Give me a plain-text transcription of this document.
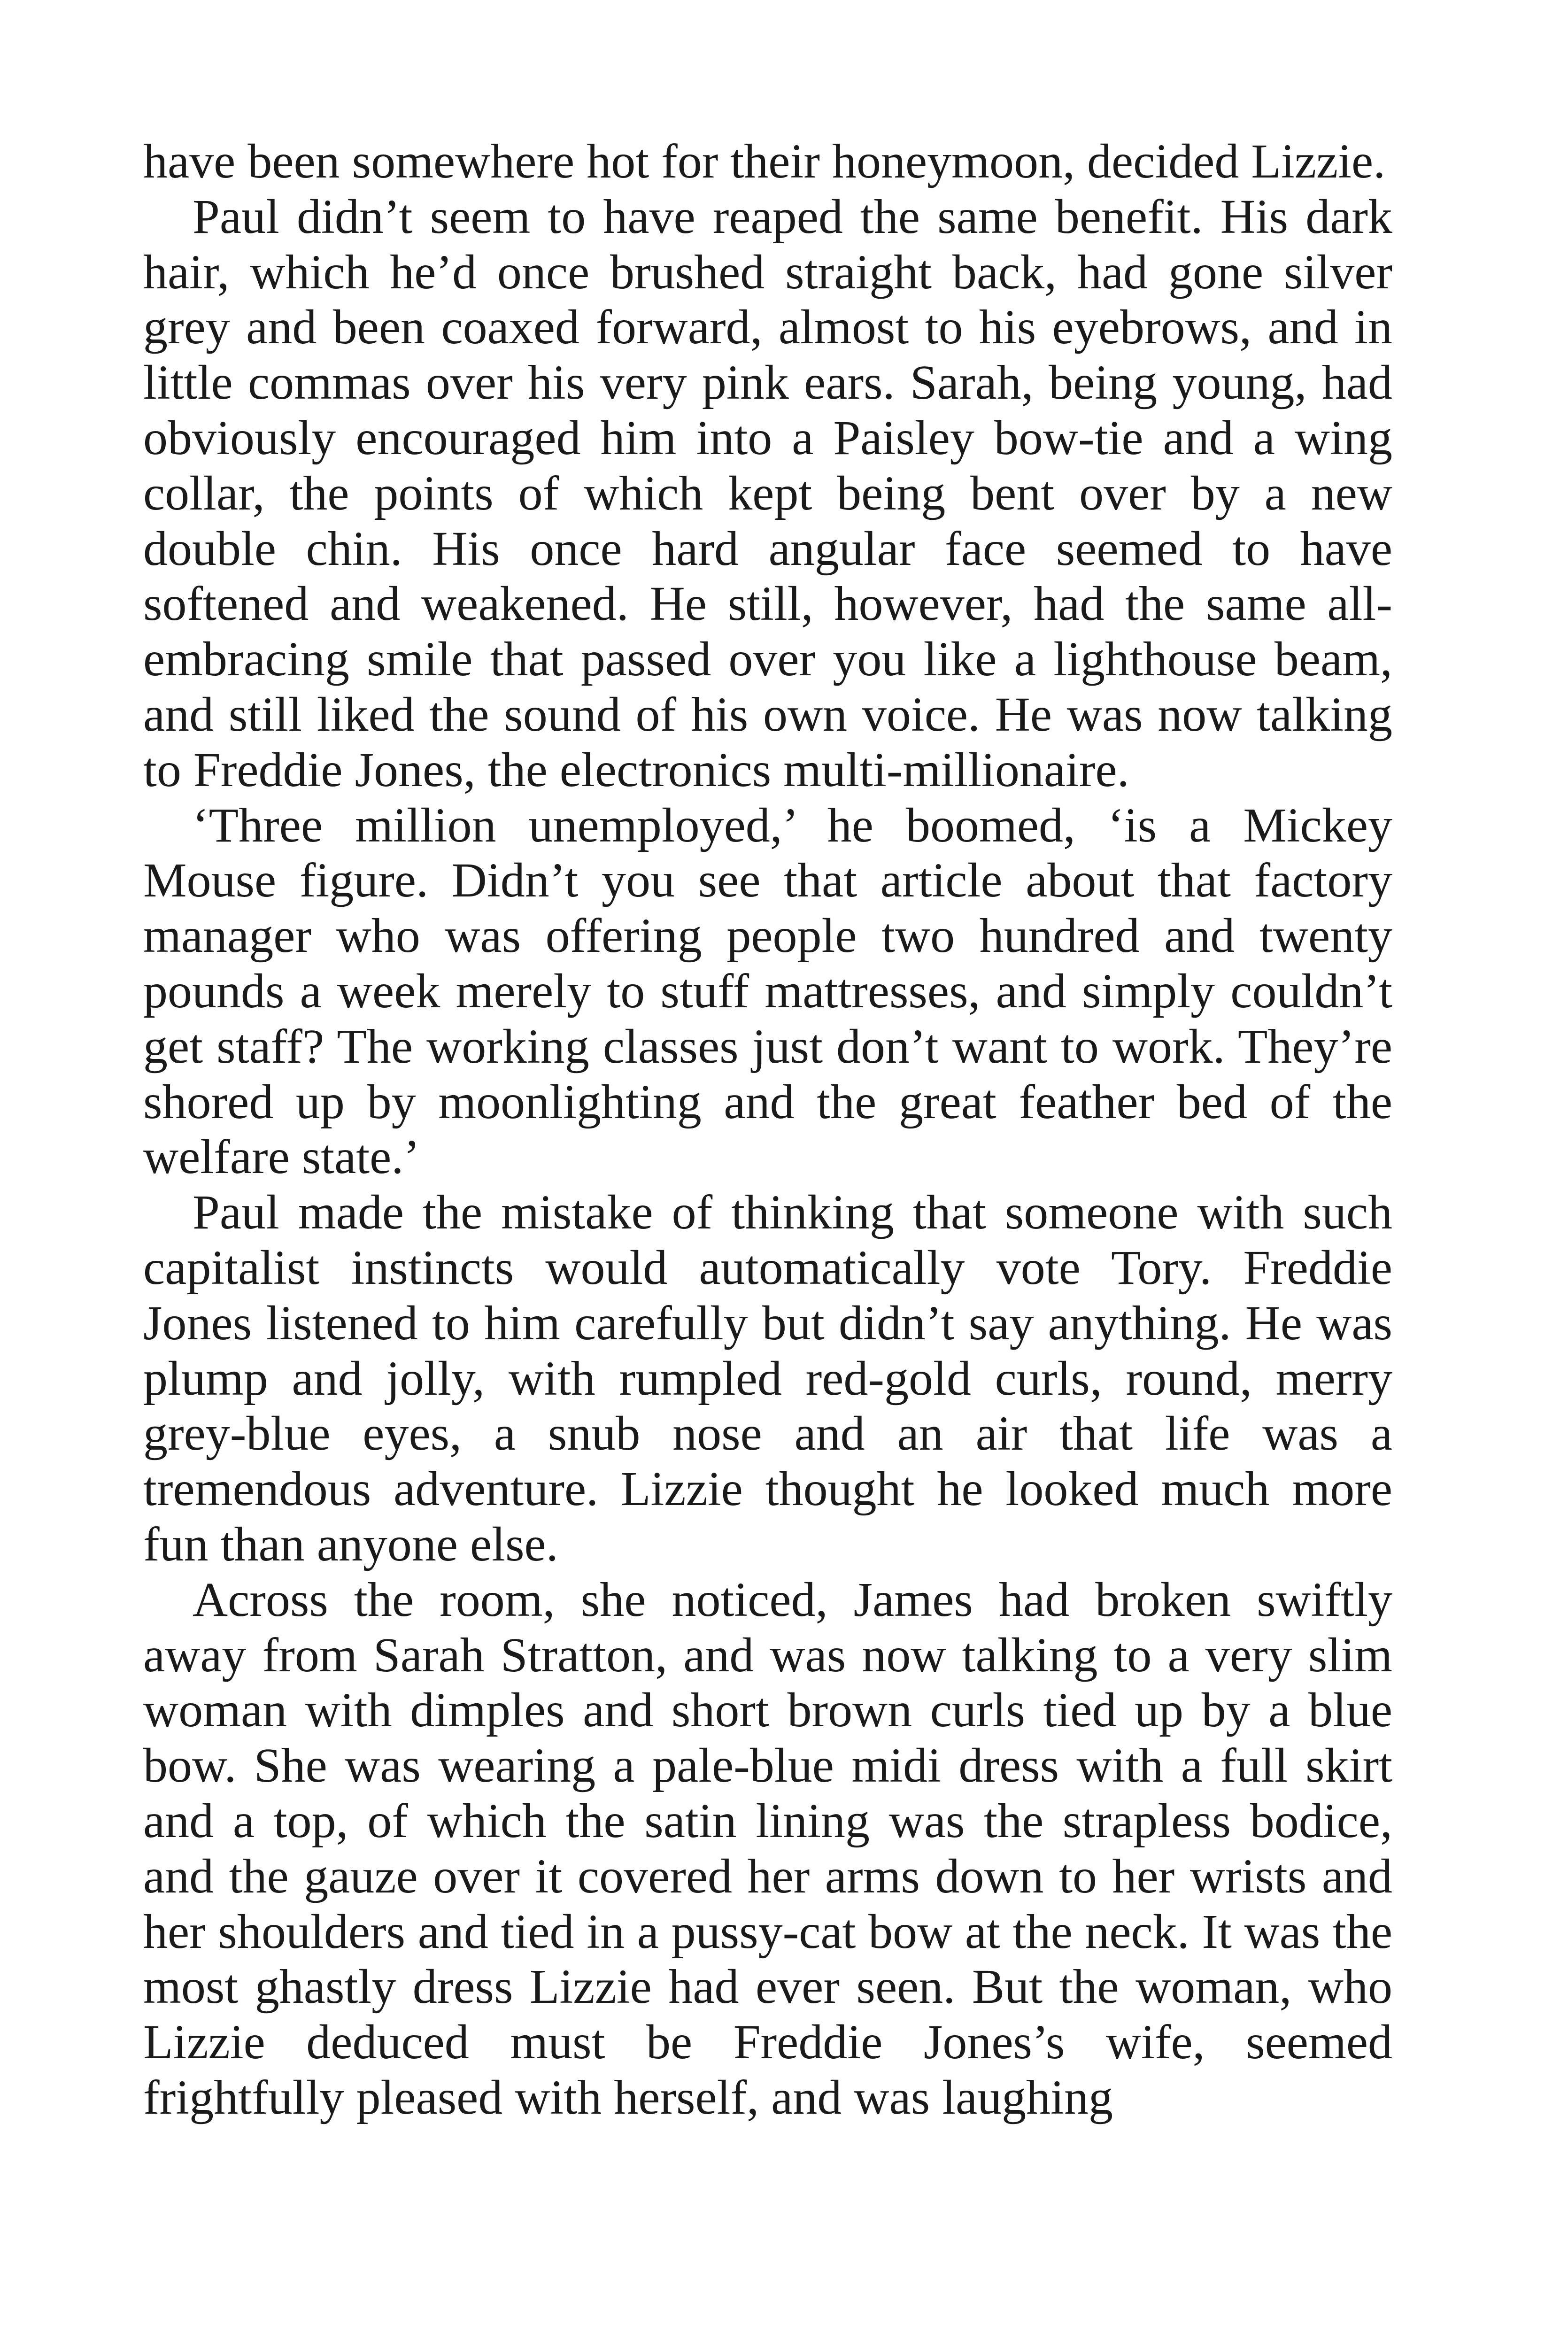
have been somewhere hot for their honeymoon, decided Lizzie.

Paul didn’t seem to have reaped the same benefit. His dark hair, which he’d once brushed straight back, had gone silver grey and been coaxed forward, almost to his eyebrows, and in little commas over his very pink ears. Sarah, being young, had obviously encouraged him into a Paisley bow-tie and a wing collar, the points of which kept being bent over by a new double chin. His once hard angular face seemed to have softened and weakened. He still, however, had the same all-embracing smile that passed over you like a lighthouse beam, and still liked the sound of his own voice. He was now talking to Freddie Jones, the electronics multi-millionaire.

‘Three million unemployed,’ he boomed, ‘is a Mickey Mouse figure. Didn’t you see that article about that factory manager who was offering people two hundred and twenty pounds a week merely to stuff mattresses, and simply couldn’t get staff? The working classes just don’t want to work. They’re shored up by moonlighting and the great feather bed of the welfare state.’

Paul made the mistake of thinking that someone with such capitalist instincts would automatically vote Tory. Freddie Jones listened to him carefully but didn’t say anything. He was plump and jolly, with rumpled red-gold curls, round, merry grey-blue eyes, a snub nose and an air that life was a tremendous adventure. Lizzie thought he looked much more fun than anyone else.

Across the room, she noticed, James had broken swiftly away from Sarah Stratton, and was now talking to a very slim woman with dimples and short brown curls tied up by a blue bow. She was wearing a pale-blue midi dress with a full skirt and a top, of which the satin lining was the strapless bodice, and the gauze over it covered her arms down to her wrists and her shoulders and tied in a pussy-cat bow at the neck. It was the most ghastly dress Lizzie had ever seen. But the woman, who Lizzie deduced must be Freddie Jones’s wife, seemed frightfully pleased with herself, and was laughing
